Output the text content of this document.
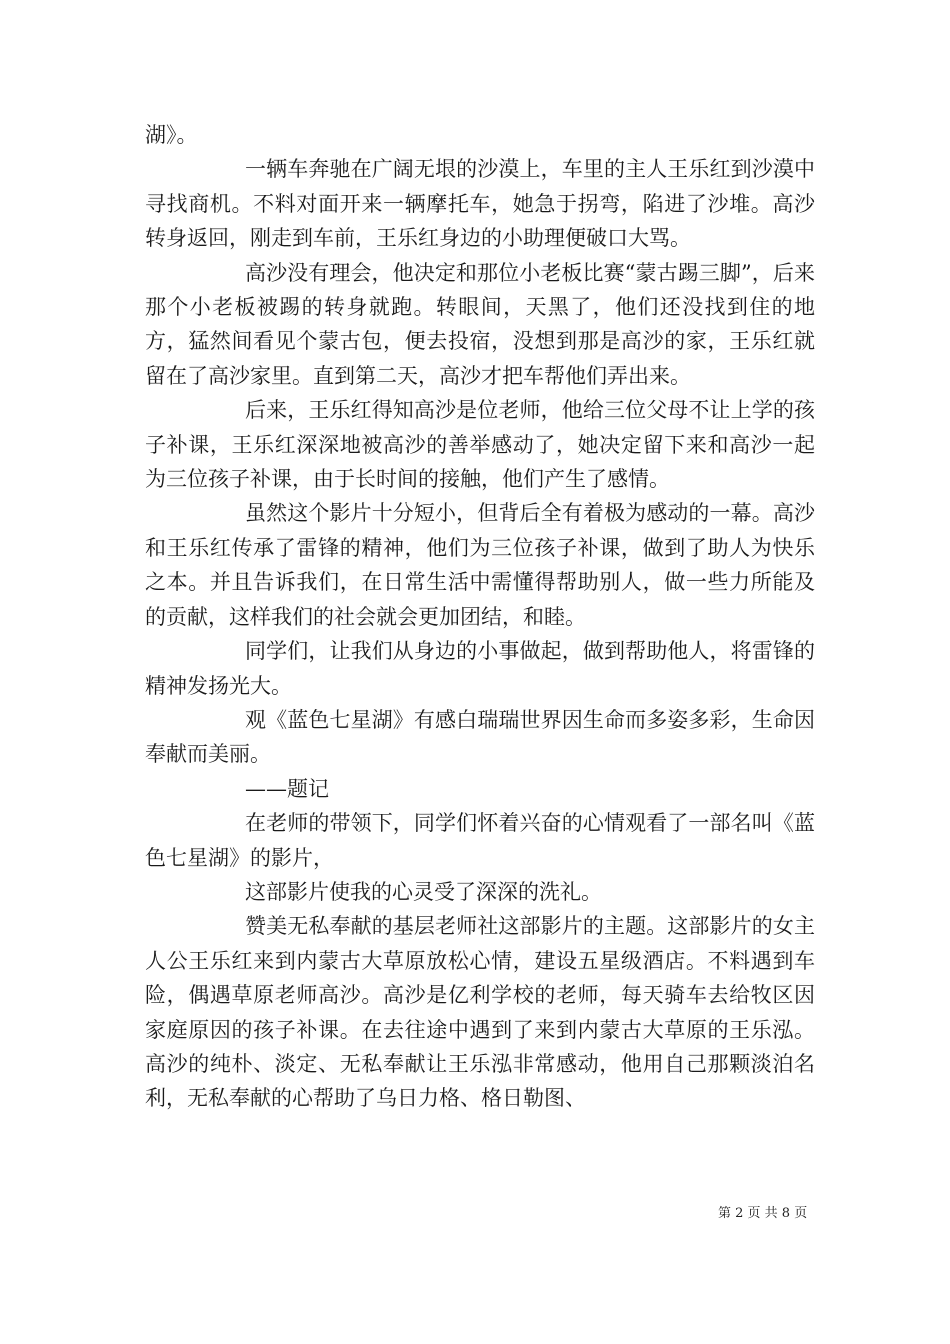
湖》。

一辆车奔驰在广阔无垠的沙漠上，车里的主人王乐红到沙漠中寻找商机。不料对面开来一辆摩托车，她急于拐弯，陷进了沙堆。高沙转身返回，刚走到车前，王乐红身边的小助理便破口大骂。

高沙没有理会，他决定和那位小老板比赛“蒙古踢三脚”，后来那个小老板被踢的转身就跑。转眼间，天黑了，他们还没找到住的地方，猛然间看见个蒙古包，便去投宿，没想到那是高沙的家，王乐红就留在了高沙家里。直到第二天，高沙才把车帮他们弄出来。

后来，王乐红得知高沙是位老师，他给三位父母不让上学的孩子补课，王乐红深深地被高沙的善举感动了，她决定留下来和高沙一起为三位孩子补课，由于长时间的接触，他们产生了感情。

虽然这个影片十分短小，但背后全有着极为感动的一幕。高沙和王乐红传承了雷锋的精神，他们为三位孩子补课，做到了助人为快乐之本。并且告诉我们，在日常生活中需懂得帮助别人，做一些力所能及的贡献，这样我们的社会就会更加团结，和睦。

同学们，让我们从身边的小事做起，做到帮助他人，将雷锋的精神发扬光大。

观《蓝色七星湖》有感白瑞瑞世界因生命而多姿多彩，生命因奉献而美丽。

——题记

在老师的带领下，同学们怀着兴奋的心情观看了一部名叫《蓝色七星湖》的影片，

这部影片使我的心灵受了深深的洗礼。

赞美无私奉献的基层老师社这部影片的主题。这部影片的女主人公王乐红来到内蒙古大草原放松心情，建设五星级酒店。不料遇到车险，偶遇草原老师高沙。高沙是亿利学校的老师，每天骑车去给牧区因家庭原因的孩子补课。在去往途中遇到了来到内蒙古大草原的王乐泓。高沙的纯朴、淡定、无私奉献让王乐泓非常感动，他用自己那颗淡泊名利，无私奉献的心帮助了乌日力格、格日勒图、

第 2 页 共 8 页
